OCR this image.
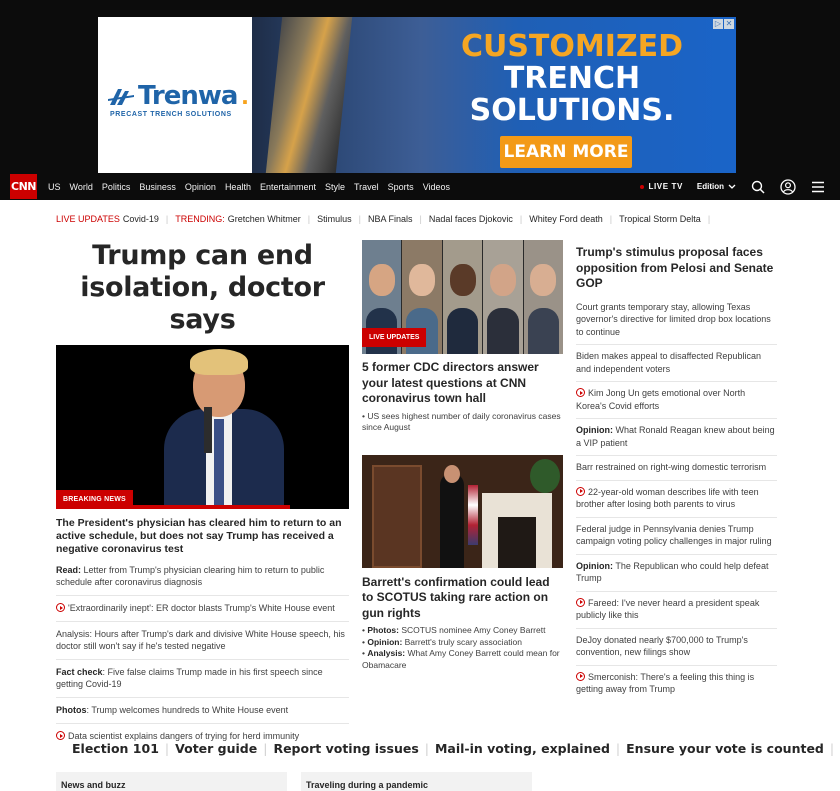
Trenwa .
PRECAST TRENCH SOLUTIONS
CUSTOMIZED
TRENCH
SOLUTIONS.
LEARN MORE
▷ ✕
CNN US World Politics Business Opinion Health Entertainment Style Travel Sports Videos	LIVE TV Edition
LIVE UPDATES Covid-19 | TRENDING: Gretchen Whitmer | Stimulus | NBA Finals | Nadal faces Djokovic | Whitey Ford death | Tropical Storm Delta |
Trump can end isolation, doctor says
BREAKING NEWS
The President's physician has cleared him to return to an active schedule, but does not say Trump has received a negative coronavirus test
Read: Letter from Trump's physician clearing him to return to public schedule after coronavirus diagnosis
'Extraordinarily inept': ER doctor blasts Trump's White House event
Analysis: Hours after Trump's dark and divisive White House speech, his doctor still won't say if he's tested negative
Fact check: Five false claims Trump made in his first speech since getting Covid-19
Photos: Trump welcomes hundreds to White House event
Data scientist explains dangers of trying for herd immunity
LIVE UPDATES
5 former CDC directors answer your latest questions at CNN coronavirus town hall
• US sees highest number of daily coronavirus cases since August
Barrett's confirmation could lead to SCOTUS taking rare action on gun rights
• Photos: SCOTUS nominee Amy Coney Barrett
• Opinion: Barrett's truly scary association
• Analysis: What Amy Coney Barrett could mean for Obamacare
Trump's stimulus proposal faces opposition from Pelosi and Senate GOP
Court grants temporary stay, allowing Texas governor's directive for limited drop box locations to continue
Biden makes appeal to disaffected Republican and independent voters
Kim Jong Un gets emotional over North Korea's Covid efforts
Opinion: What Ronald Reagan knew about being a VIP patient
Barr restrained on right-wing domestic terrorism
22-year-old woman describes life with teen brother after losing both parents to virus
Federal judge in Pennsylvania denies Trump campaign voting policy challenges in major ruling
Opinion: The Republican who could help defeat Trump
Fareed: I've never heard a president speak publicly like this
DeJoy donated nearly $700,000 to Trump's convention, new filings show
Smerconish: There's a feeling this thing is getting away from Trump
Election 101 | Voter guide | Report voting issues | Mail-in voting, explained | Ensure your vote is counted |
News and buzz	Traveling during a pandemic
